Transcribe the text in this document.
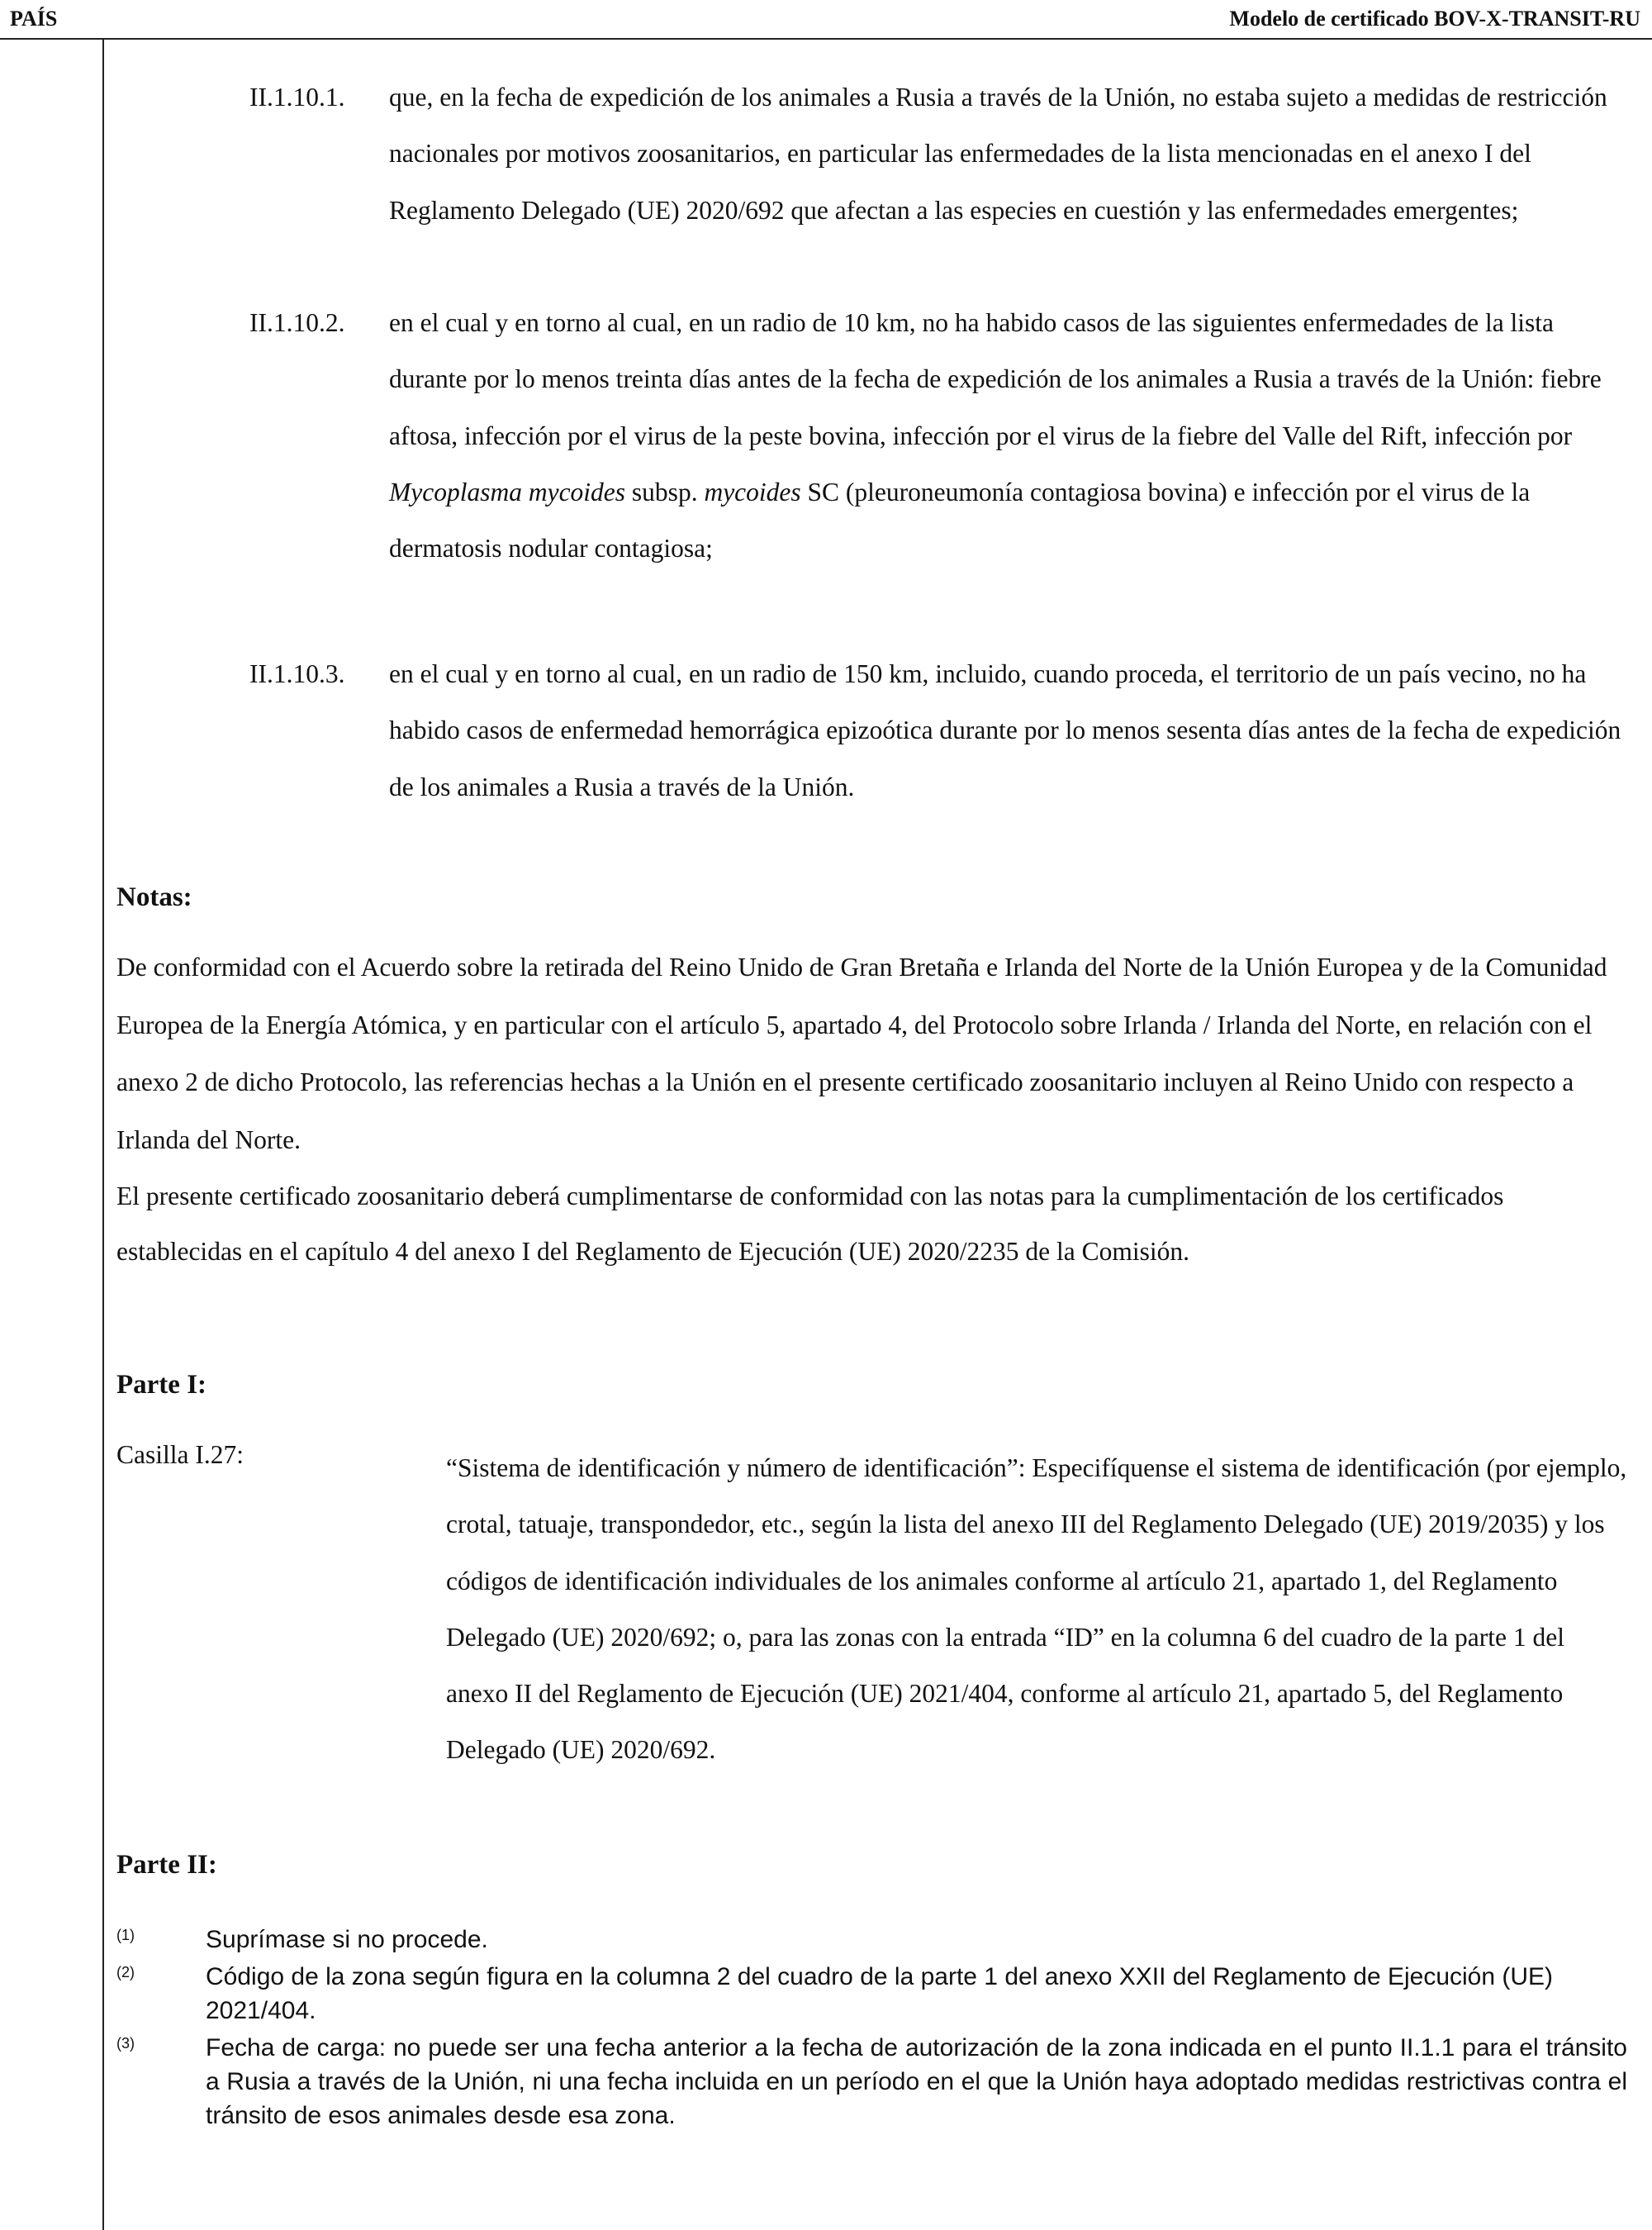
PAÍS	Modelo de certificado BOV-X-TRANSIT-RU
II.1.10.1. que, en la fecha de expedición de los animales a Rusia a través de la Unión, no estaba sujeto a medidas de restricción nacionales por motivos zoosanitarios, en particular las enfermedades de la lista mencionadas en el anexo I del Reglamento Delegado (UE) 2020/692 que afectan a las especies en cuestión y las enfermedades emergentes;
II.1.10.2. en el cual y en torno al cual, en un radio de 10 km, no ha habido casos de las siguientes enfermedades de la lista durante por lo menos treinta días antes de la fecha de expedición de los animales a Rusia a través de la Unión: fiebre aftosa, infección por el virus de la peste bovina, infección por el virus de la fiebre del Valle del Rift, infección por Mycoplasma mycoides subsp. mycoides SC (pleuroneumonía contagiosa bovina) e infección por el virus de la dermatosis nodular contagiosa;
II.1.10.3. en el cual y en torno al cual, en un radio de 150 km, incluido, cuando proceda, el territorio de un país vecino, no ha habido casos de enfermedad hemorrágica epizoótica durante por lo menos sesenta días antes de la fecha de expedición de los animales a Rusia a través de la Unión.
Notas:
De conformidad con el Acuerdo sobre la retirada del Reino Unido de Gran Bretaña e Irlanda del Norte de la Unión Europea y de la Comunidad Europea de la Energía Atómica, y en particular con el artículo 5, apartado 4, del Protocolo sobre Irlanda / Irlanda del Norte, en relación con el anexo 2 de dicho Protocolo, las referencias hechas a la Unión en el presente certificado zoosanitario incluyen al Reino Unido con respecto a Irlanda del Norte.
El presente certificado zoosanitario deberá cumplimentarse de conformidad con las notas para la cumplimentación de los certificados establecidas en el capítulo 4 del anexo I del Reglamento de Ejecución (UE) 2020/2235 de la Comisión.
Parte I:
Casilla I.27:	“Sistema de identificación y número de identificación”: Especifíquense el sistema de identificación (por ejemplo, crotal, tatuaje, transpondedor, etc., según la lista del anexo III del Reglamento Delegado (UE) 2019/2035) y los códigos de identificación individuales de los animales conforme al artículo 21, apartado 1, del Reglamento Delegado (UE) 2020/692; o, para las zonas con la entrada “ID” en la columna 6 del cuadro de la parte 1 del anexo II del Reglamento de Ejecución (UE) 2021/404, conforme al artículo 21, apartado 5, del Reglamento Delegado (UE) 2020/692.
Parte II:
(1)	Suprímase si no procede.
(2)	Código de la zona según figura en la columna 2 del cuadro de la parte 1 del anexo XXII del Reglamento de Ejecución (UE) 2021/404.
(3)	Fecha de carga: no puede ser una fecha anterior a la fecha de autorización de la zona indicada en el punto II.1.1 para el tránsito a Rusia a través de la Unión, ni una fecha incluida en un período en el que la Unión haya adoptado medidas restrictivas contra el tránsito de esos animales desde esa zona.
